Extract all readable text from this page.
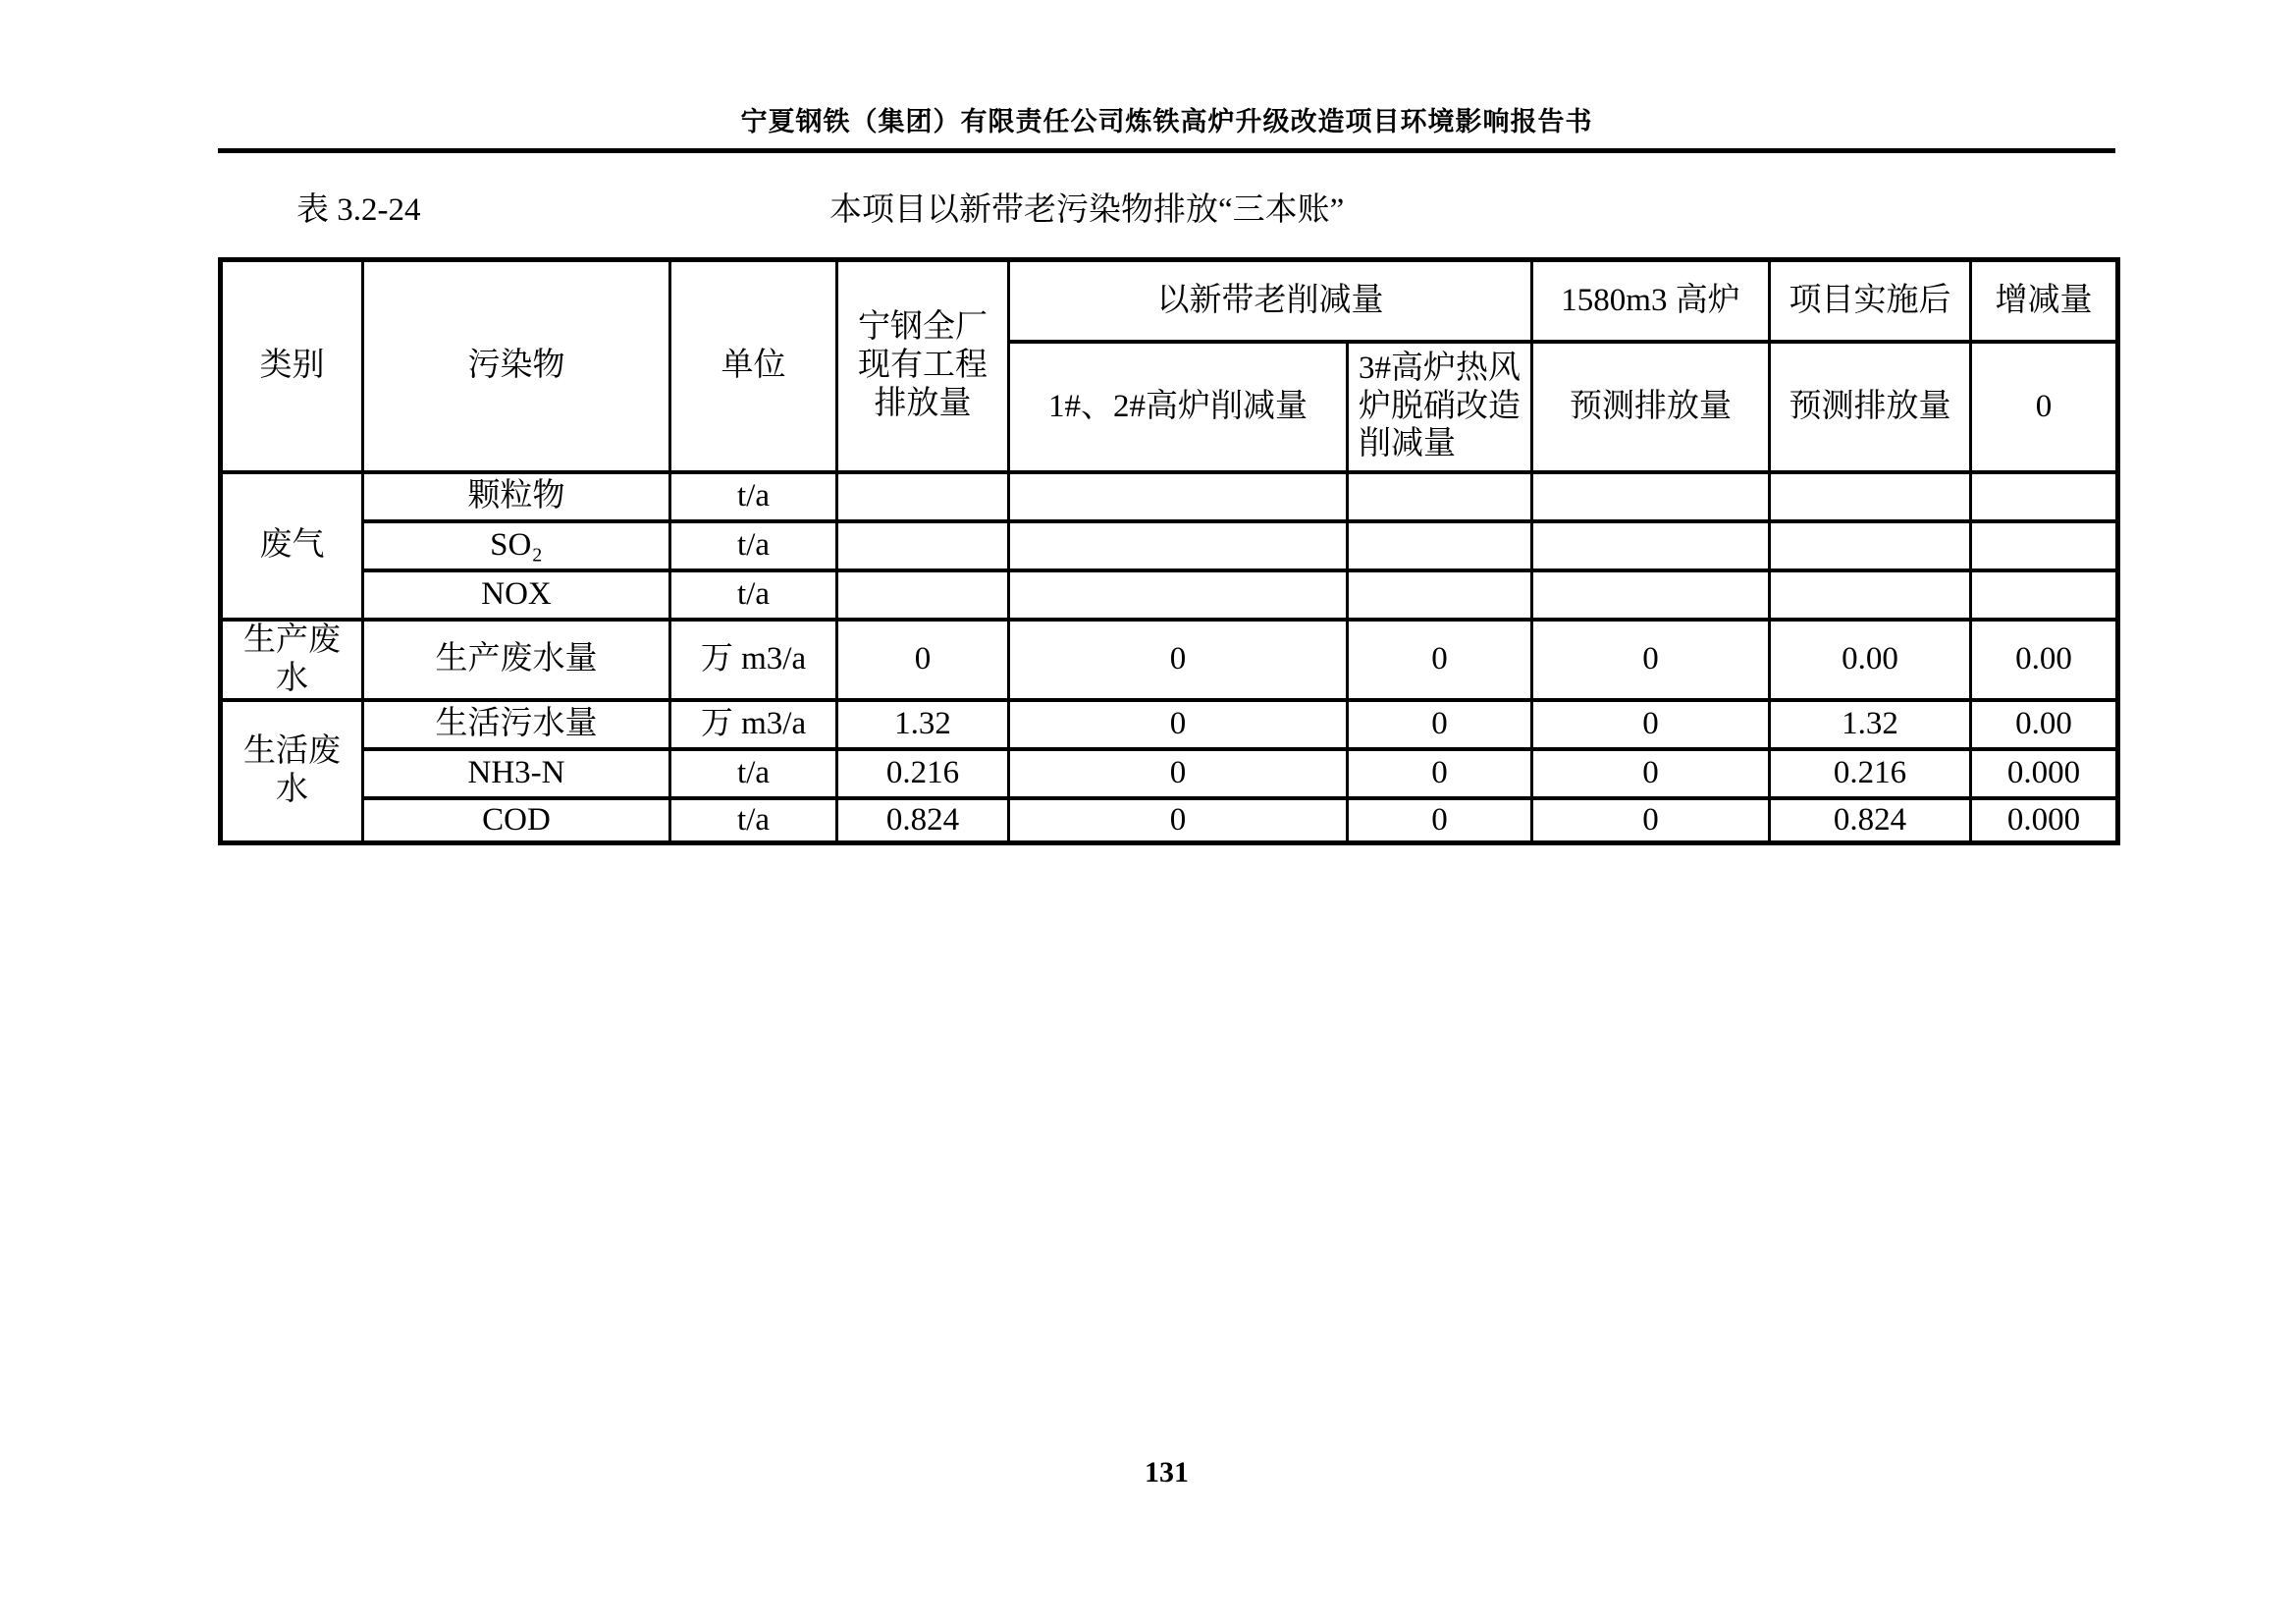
宁夏钢铁（集团）有限责任公司炼铁高炉升级改造项目环境影响报告书
表 3.2-24	本项目以新带老污染物排放“三本账”
类别	污染物	单位	宁钢全厂现有工程排放量	以新带老削减量		1580m3 高炉	项目实施后	增减量
				1#、2#高炉削减量	3#高炉热风炉脱硝改造削减量	预测排放量	预测排放量	0

废气	颗粒物	t/a						
	SO₂	t/a						
	NOX	t/a						

生产废水	生产废水量	万 m3/a	0	0	0	0	0.00	0.00

生活废水	生活污水量	万 m3/a	1.32	0	0	0	1.32	0.00
	NH3-N	t/a	0.216	0	0	0	0.216	0.000
	COD	t/a	0.824	0	0	0	0.824	0.000
131
